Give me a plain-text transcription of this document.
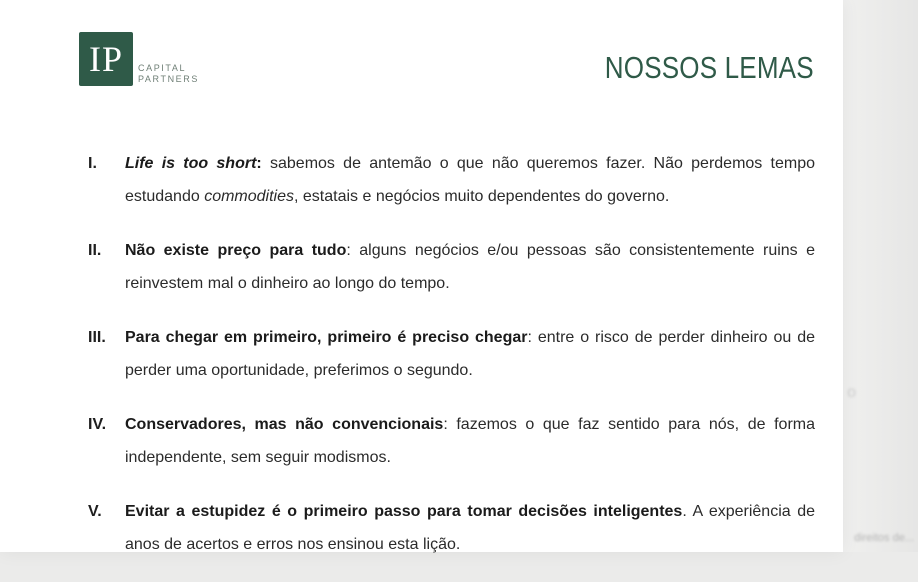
o
direitos de...
IP	CAPITAL
PARTNERS	NOSSOS LEMAS
I. Life is too short: sabemos de antemão o que não queremos fazer. Não perdemos tempo estudando commodities, estatais e negócios muito dependentes do governo.
II. Não existe preço para tudo: alguns negócios e/ou pessoas são consistentemente ruins e reinvestem mal o dinheiro ao longo do tempo.
III. Para chegar em primeiro, primeiro é preciso chegar: entre o risco de perder dinheiro ou de perder uma oportunidade, preferimos o segundo.
IV. Conservadores, mas não convencionais: fazemos o que faz sentido para nós, de forma independente, sem seguir modismos.
V. Evitar a estupidez é o primeiro passo para tomar decisões inteligentes. A experiência de anos de acertos e erros nos ensinou esta lição.
